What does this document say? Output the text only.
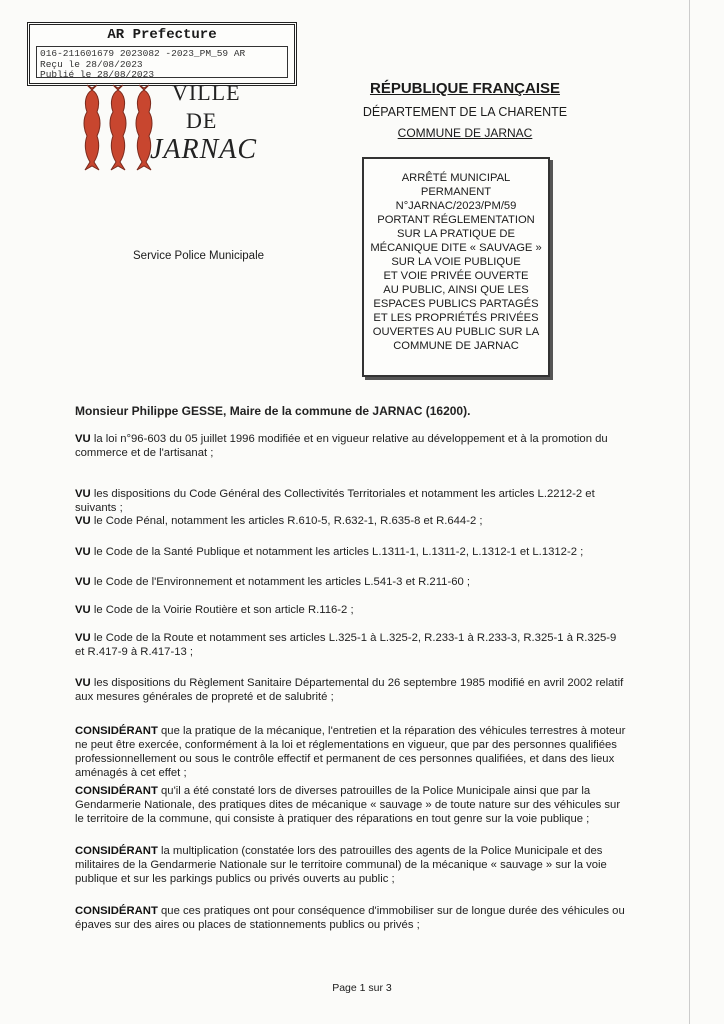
AR Prefecture
016-211601679 2023082 -2023_PM_59 AR
Reçu le 28/08/2023
Publié le 28/08/2023
VILLE
DE
JARNAC
RÉPUBLIQUE FRANÇAISE
DÉPARTEMENT DE LA CHARENTE
COMMUNE DE JARNAC
ARRÊTÉ MUNICIPAL
PERMANENT
N°JARNAC/2023/PM/59
PORTANT RÉGLEMENTATION
SUR LA PRATIQUE DE
MÉCANIQUE DITE « SAUVAGE »
SUR LA VOIE PUBLIQUE
ET VOIE PRIVÉE OUVERTE
AU PUBLIC, AINSI QUE LES
ESPACES PUBLICS PARTAGÉS
ET LES PROPRIÉTÉS PRIVÉES
OUVERTES AU PUBLIC SUR LA
COMMUNE DE JARNAC
Service Police Municipale
Monsieur Philippe GESSE, Maire de la commune de JARNAC (16200).
VU la loi n°96-603 du 05 juillet 1996 modifiée et en vigueur relative au développement et à la promotion du commerce et de l'artisanat ;
VU les dispositions du Code Général des Collectivités Territoriales et notamment les articles L.2212-2 et suivants ;
VU le Code Pénal, notamment les articles R.610-5, R.632-1, R.635-8 et R.644-2 ;
VU le Code de la Santé Publique et notamment les articles L.1311-1, L.1311-2, L.1312-1 et L.1312-2 ;
VU le Code de l'Environnement et notamment les articles L.541-3 et R.211-60 ;
VU le Code de la Voirie Routière et son article R.116-2 ;
VU le Code de la Route et notamment ses articles L.325-1 à L.325-2, R.233-1 à R.233-3, R.325-1 à R.325-9 et R.417-9 à R.417-13 ;
VU les dispositions du Règlement Sanitaire Départemental du 26 septembre 1985 modifié en avril 2002 relatif aux mesures générales de propreté et de salubrité ;
CONSIDÉRANT que la pratique de la mécanique, l'entretien et la réparation des véhicules terrestres à moteur ne peut être exercée, conformément à la loi et réglementations en vigueur, que par des personnes qualifiées professionnellement ou sous le contrôle effectif et permanent de ces personnes qualifiées, et dans des lieux aménagés à cet effet ;
CONSIDÉRANT qu'il a été constaté lors de diverses patrouilles de la Police Municipale ainsi que par la Gendarmerie Nationale, des pratiques dites de mécanique « sauvage » de toute nature sur des véhicules sur le territoire de la commune, qui consiste à pratiquer des réparations en tout genre sur la voie publique ;
CONSIDÉRANT la multiplication (constatée lors des patrouilles des agents de la Police Municipale et des militaires de la Gendarmerie Nationale sur le territoire communal) de la mécanique « sauvage » sur la voie publique et sur les parkings publics ou privés ouverts au public ;
CONSIDÉRANT que ces pratiques ont pour conséquence d'immobiliser sur de longue durée des véhicules ou épaves sur des aires ou places de stationnements publics ou privés ;
Page 1 sur 3
